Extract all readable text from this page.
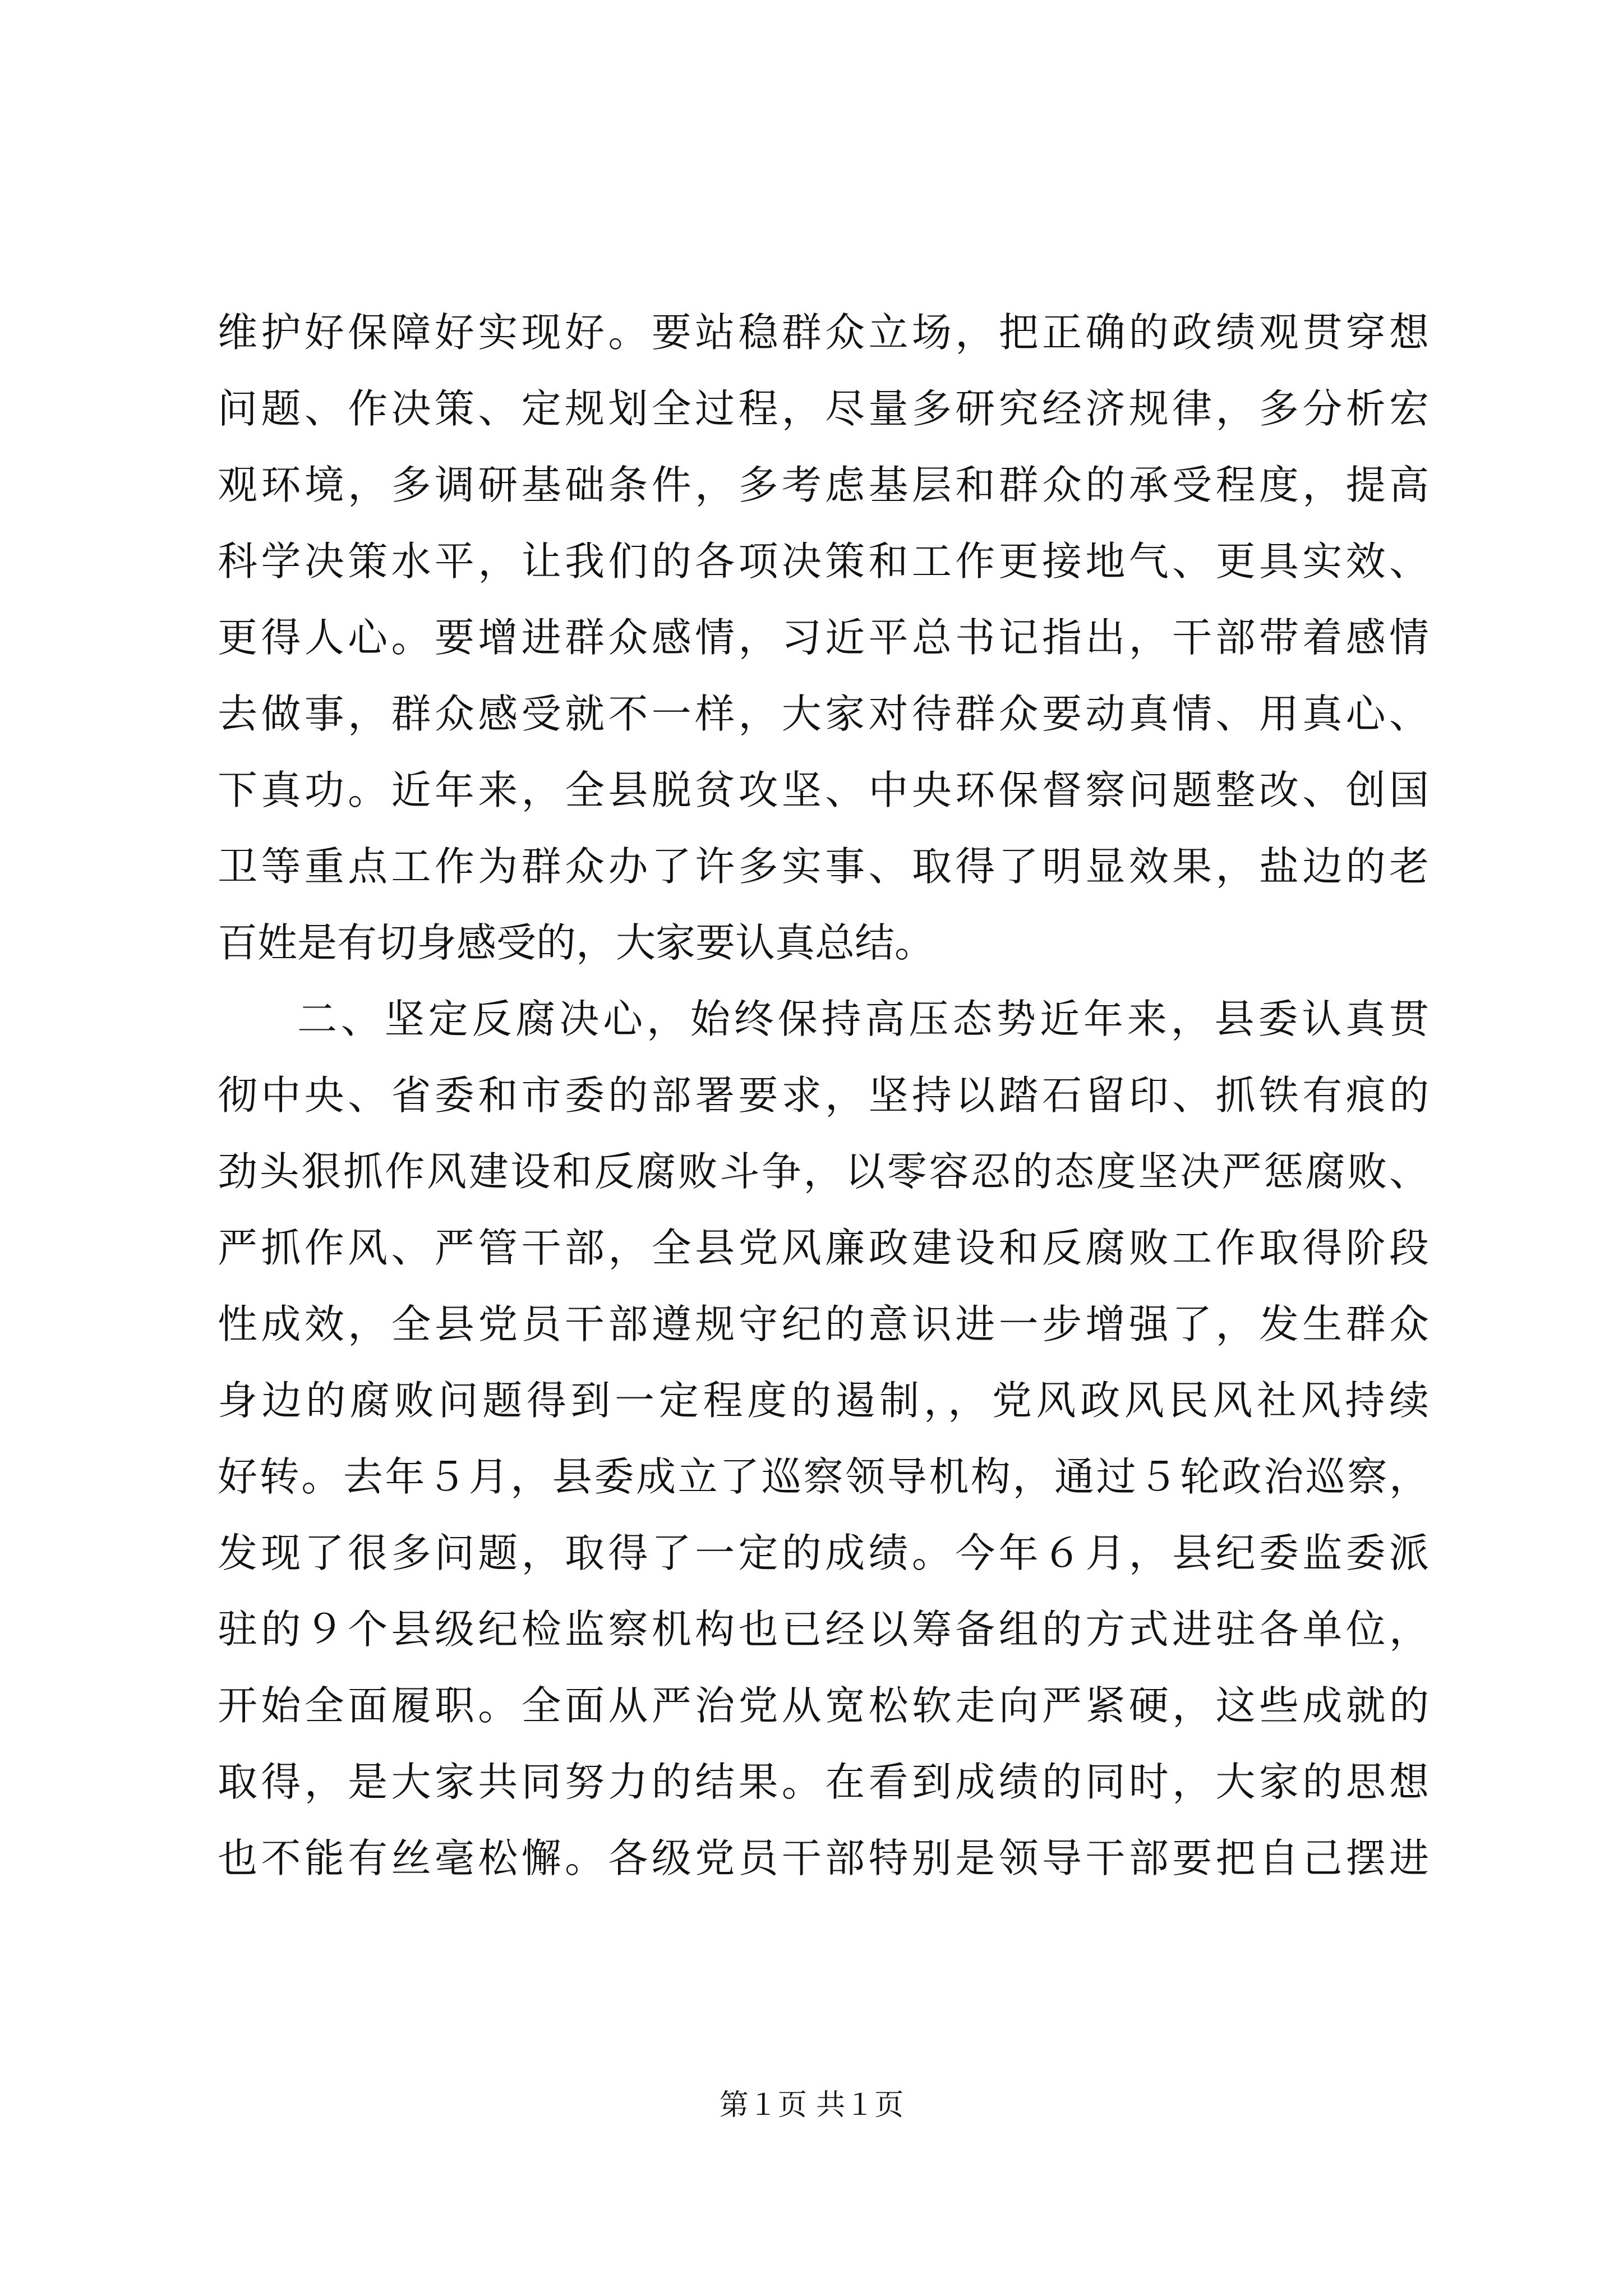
维护好保障好实现好。要站稳群众立场，把正确的政绩观贯穿想
问题、作决策、定规划全过程，尽量多研究经济规律，多分析宏
观环境，多调研基础条件，多考虑基层和群众的承受程度，提高
科学决策水平，让我们的各项决策和工作更接地气、更具实效、
更得人心。要增进群众感情，习近平总书记指出，干部带着感情
去做事，群众感受就不一样，大家对待群众要动真情、用真心、
下真功。近年来，全县脱贫攻坚、中央环保督察问题整改、创国
卫等重点工作为群众办了许多实事、取得了明显效果，盐边的老
百姓是有切身感受的，大家要认真总结。
二、坚定反腐决心，始终保持高压态势近年来，县委认真贯
彻中央、省委和市委的部署要求，坚持以踏石留印、抓铁有痕的
劲头狠抓作风建设和反腐败斗争，以零容忍的态度坚决严惩腐败、
严抓作风、严管干部，全县党风廉政建设和反腐败工作取得阶段
性成效，全县党员干部遵规守纪的意识进一步增强了，发生群众
身边的腐败问题得到一定程度的遏制，，党风政风民风社风持续
好转。去年５月，县委成立了巡察领导机构，通过５轮政治巡察，
发现了很多问题，取得了一定的成绩。今年６月，县纪委监委派
驻的９个县级纪检监察机构也已经以筹备组的方式进驻各单位，
开始全面履职。全面从严治党从宽松软走向严紧硬，这些成就的
取得，是大家共同努力的结果。在看到成绩的同时，大家的思想
也不能有丝毫松懈。各级党员干部特别是领导干部要把自己摆进
第１页 共１页
